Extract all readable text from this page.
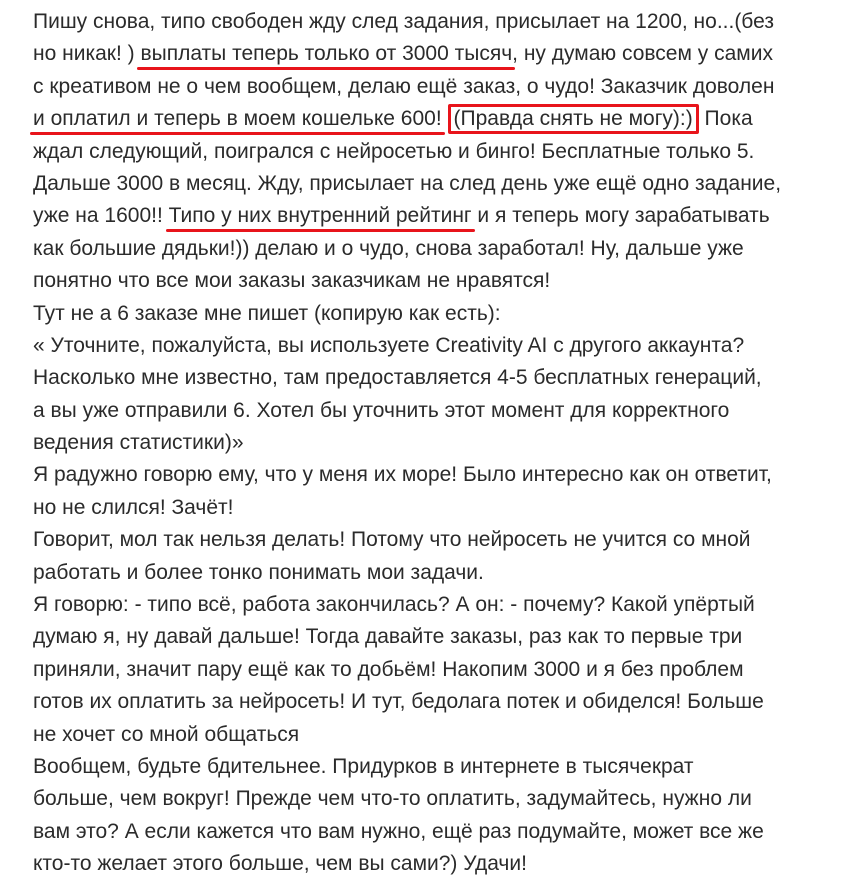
Пишу снова, типо свободен жду след задания, присылает на 1200, но...(без
но никак! ) выплаты теперь только от 3000 тысяч, ну думаю совсем у самих
с креативом не о чем вообщем, делаю ещё заказ, о чудо! Заказчик доволен
и оплатил и теперь в моем кошельке 600! (Правда снять не могу):) Пока
ждал следующий, поигрался с нейросетью и бинго! Бесплатные только 5.
Дальше 3000 в месяц. Жду, присылает на след день уже ещё одно задание,
уже на 1600!! Типо у них внутренний рейтинг и я теперь могу зарабатывать
как большие дядьки!)) делаю и о чудо, снова заработал! Ну, дальше уже
понятно что все мои заказы заказчикам не нравятся!
Тут не а 6 заказе мне пишет (копирую как есть):
« Уточните, пожалуйста, вы используете Creativity AI с другого аккаунта?
Насколько мне известно, там предоставляется 4-5 бесплатных генераций,
а вы уже отправили 6. Хотел бы уточнить этот момент для корректного
ведения статистики)»
Я радужно говорю ему, что у меня их море! Было интересно как он ответит,
но не слился! Зачёт!
Говорит, мол так нельзя делать! Потому что нейросеть не учится со мной
работать и более тонко понимать мои задачи.
Я говорю: - типо всё, работа закончилась? А он: - почему? Какой упёртый
думаю я, ну давай дальше! Тогда давайте заказы, раз как то первые три
приняли, значит пару ещё как то добьём! Накопим 3000 и я без проблем
готов их оплатить за нейросеть! И тут, бедолага потек и обиделся! Больше
не хочет со мной общаться
Вообщем, будьте бдительнее. Придурков в интернете в тысячекрат
больше, чем вокруг! Прежде чем что-то оплатить, задумайтесь, нужно ли
вам это? А если кажется что вам нужно, ещё раз подумайте, может все же
кто-то желает этого больше, чем вы сами?) Удачи!
